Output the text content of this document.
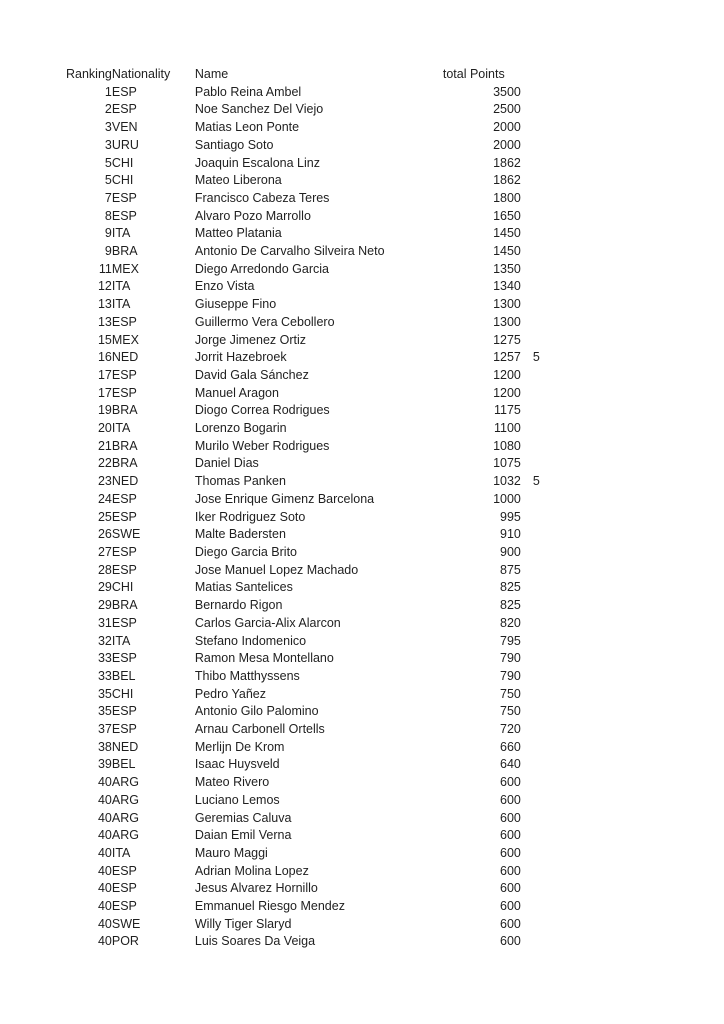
Ranking	Nationality	Name	total Points	
1	ESP	Pablo Reina Ambel	3500	
2	ESP	Noe Sanchez Del Viejo	2500	
3	VEN	Matias Leon Ponte	2000	
3	URU	Santiago Soto	2000	
5	CHI	Joaquin Escalona Linz	1862	
5	CHI	Mateo Liberona	1862	
7	ESP	Francisco Cabeza Teres	1800	
8	ESP	Alvaro Pozo Marrollo	1650	
9	ITA	Matteo Platania	1450	
9	BRA	Antonio De Carvalho Silveira Neto	1450	
11	MEX	Diego Arredondo Garcia	1350	
12	ITA	Enzo Vista	1340	
13	ITA	Giuseppe Fino	1300	
13	ESP	Guillermo Vera Cebollero	1300	
15	MEX	Jorge Jimenez Ortiz	1275	
16	NED	Jorrit Hazebroek	1257	5
17	ESP	David Gala Sánchez	1200	
17	ESP	Manuel Aragon	1200	
19	BRA	Diogo Correa Rodrigues	1175	
20	ITA	Lorenzo Bogarin	1100	
21	BRA	Murilo Weber Rodrigues	1080	
22	BRA	Daniel Dias	1075	
23	NED	Thomas Panken	1032	5
24	ESP	Jose Enrique Gimenz Barcelona	1000	
25	ESP	Iker Rodriguez Soto	995	
26	SWE	Malte Badersten	910	
27	ESP	Diego Garcia Brito	900	
28	ESP	Jose Manuel Lopez Machado	875	
29	CHI	Matias Santelices	825	
29	BRA	Bernardo Rigon	825	
31	ESP	Carlos Garcia-Alix Alarcon	820	
32	ITA	Stefano Indomenico	795	
33	ESP	Ramon Mesa Montellano	790	
33	BEL	Thibo Matthyssens	790	
35	CHI	Pedro Yañez	750	
35	ESP	Antonio Gilo Palomino	750	
37	ESP	Arnau Carbonell Ortells	720	
38	NED	Merlijn De Krom	660	
39	BEL	Isaac Huysveld	640	
40	ARG	Mateo Rivero	600	
40	ARG	Luciano Lemos	600	
40	ARG	Geremias Caluva	600	
40	ARG	Daian Emil Verna	600	
40	ITA	Mauro Maggi	600	
40	ESP	Adrian Molina Lopez	600	
40	ESP	Jesus Alvarez Hornillo	600	
40	ESP	Emmanuel Riesgo Mendez	600	
40	SWE	Willy Tiger Slaryd	600	
40	POR	Luis Soares Da Veiga	600	
